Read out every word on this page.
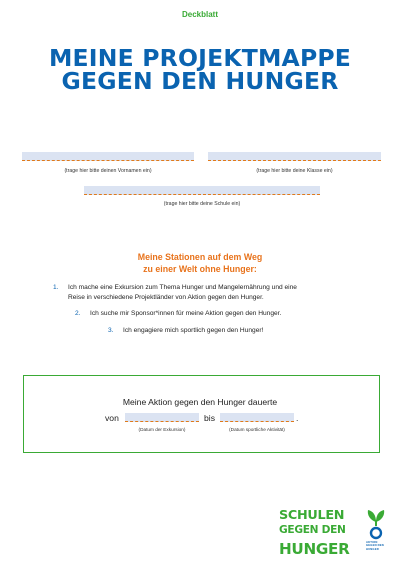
Deckblatt
MEINE PROJEKTMAPPE
GEGEN DEN HUNGER
(trage hier bitte deinen Vornamen ein)	(trage hier bitte deine Klasse ein)
(trage hier bitte deine Schule ein)
Meine Stationen auf dem Weg
zu einer Welt ohne Hunger:
1. Ich mache eine Exkursion zum Thema Hunger und Mangelernährung und eine
Reise in verschiedene Projektländer von Aktion gegen den Hunger.
2. Ich suche mir Sponsor*innen für meine Aktion gegen den Hunger.
3. Ich engagiere mich sportlich gegen den Hunger!
Meine Aktion gegen den Hunger dauerte
von
(Datum der Exkursion)
bis
(Datum sportliche Aktivität)
.
SCHULEN
GEGEN DEN
HUNGER	AKTION
GEGEN DEN
HUNGER
